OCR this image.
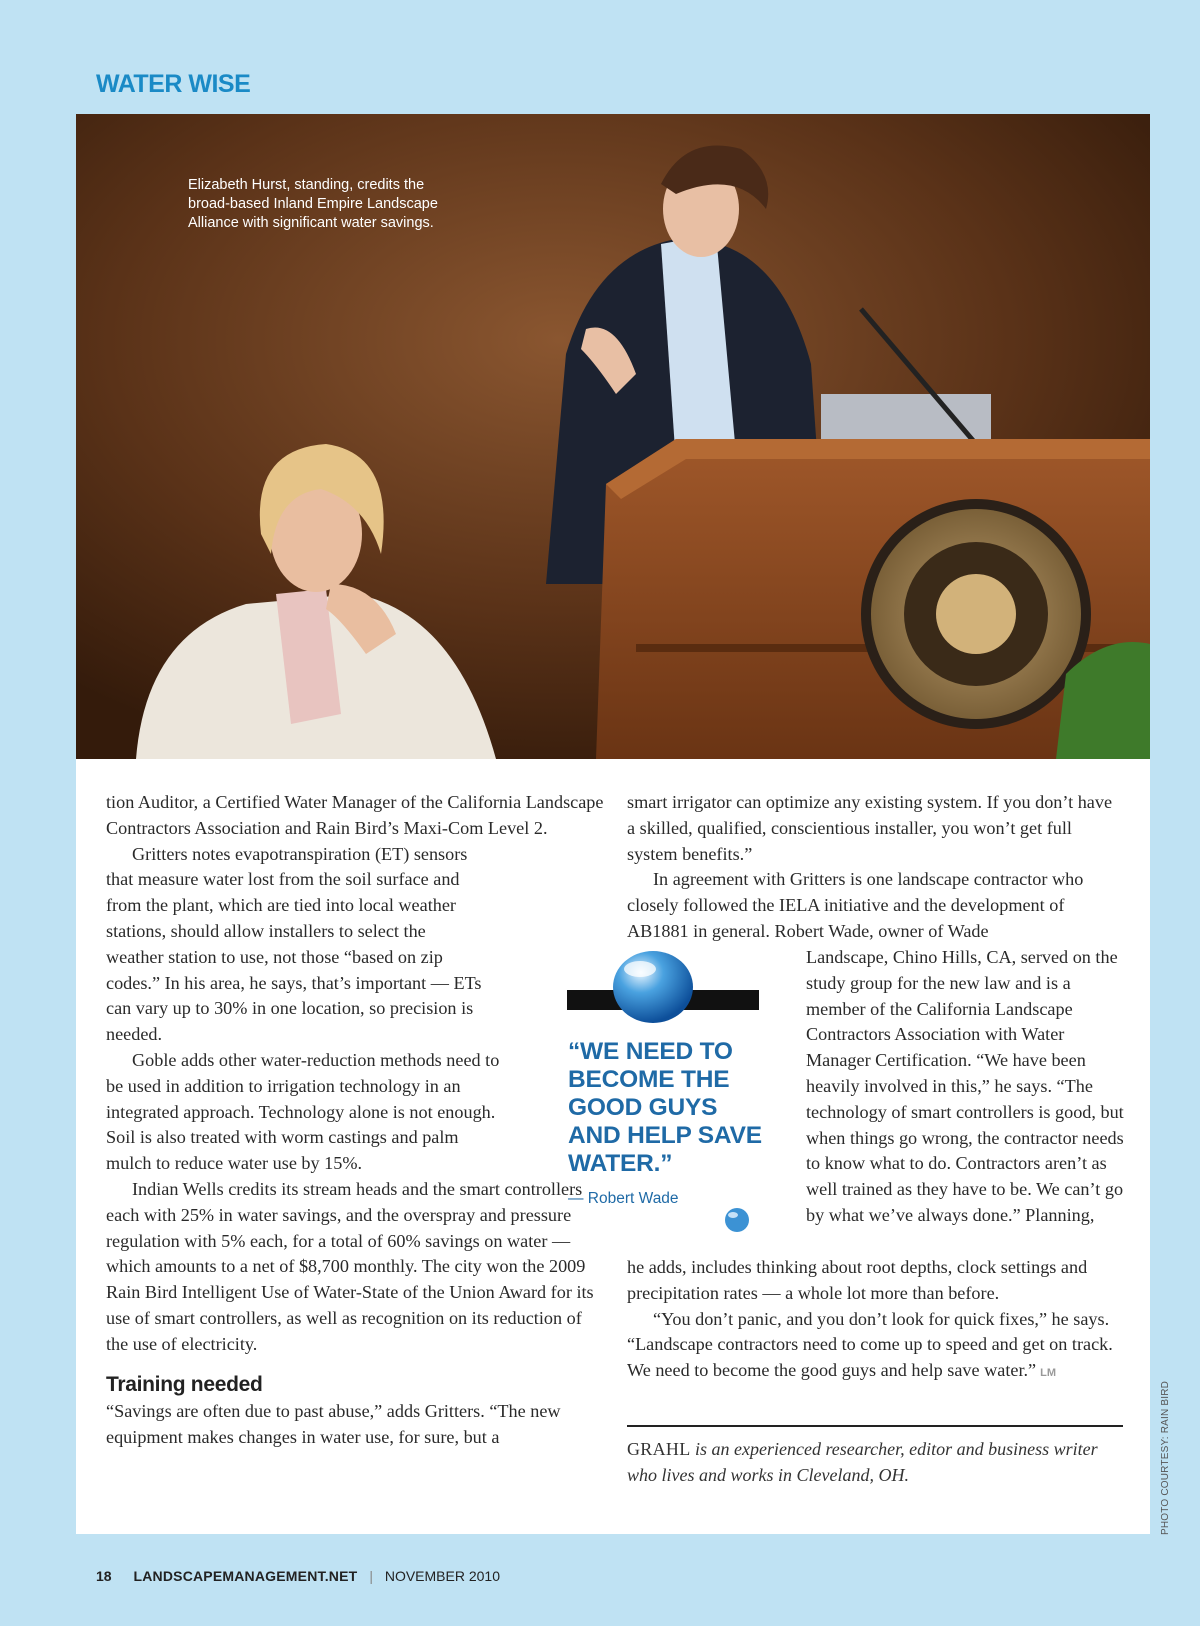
WATER WISE
Elizabeth Hurst, standing, credits the broad-based Inland Empire Landscape Alliance with significant water savings.

tion Auditor, a Certified Water Manager of the California Landscape Contractors Association and Rain Bird’s Maxi-Com Level 2.

Gritters notes evapotranspiration (ET) sensors that measure water lost from the soil surface and from the plant, which are tied into local weather stations, should allow installers to select the weather station to use, not those “based on zip codes.” In his area, he says, that’s important — ETs can vary up to 30% in one location, so precision is needed.

Goble adds other water-reduction methods need to be used in addition to irrigation technology in an integrated approach. Technology alone is not enough. Soil is also treated with worm castings and palm mulch to reduce water use by 15%.

Indian Wells credits its stream heads and the smart controllers each with 25% in water savings, and the overspray and pressure regulation with 5% each, for a total of 60% savings on water — which amounts to a net of $8,700 monthly. The city won the 2009 Rain Bird Intelligent Use of Water-State of the Union Award for its use of smart controllers, as well as recognition on its reduction of the use of electricity.

Training needed

“Savings are often due to past abuse,” adds Gritters. “The new equipment makes changes in water use, for sure, but a

smart irrigator can optimize any existing system. If you don’t have a skilled, qualified, conscientious installer, you won’t get full system benefits.”

In agreement with Gritters is one landscape contractor who closely followed the IELA initiative and the development of AB1881 in general. Robert Wade, owner of Wade

Landscape, Chino Hills, CA, served on the study group for the new law and is a member of the California Landscape Contractors Association with Water Manager Certification. “We have been heavily involved in this,” he says. “The technology of smart controllers is good, but when things go wrong, the contractor needs to know what to do. Contractors aren’t as well trained as they have to be. We can’t go by what we’ve always done.” Planning,

he adds, includes thinking about root depths, clock settings and precipitation rates — a whole lot more than before.

“You don’t panic, and you don’t look for quick fixes,” he says. “Landscape contractors need to come up to speed and get on track. We need to become the good guys and help save water.” LM

“WE NEED TO BECOME THE GOOD GUYS AND HELP SAVE WATER.”
— Robert Wade
GRAHL is an experienced researcher, editor and business writer who lives and works in Cleveland, OH.	PHOTO COURTESY: RAIN BIRD
18 LANDSCAPEMANAGEMENT.NET | NOVEMBER 2010
